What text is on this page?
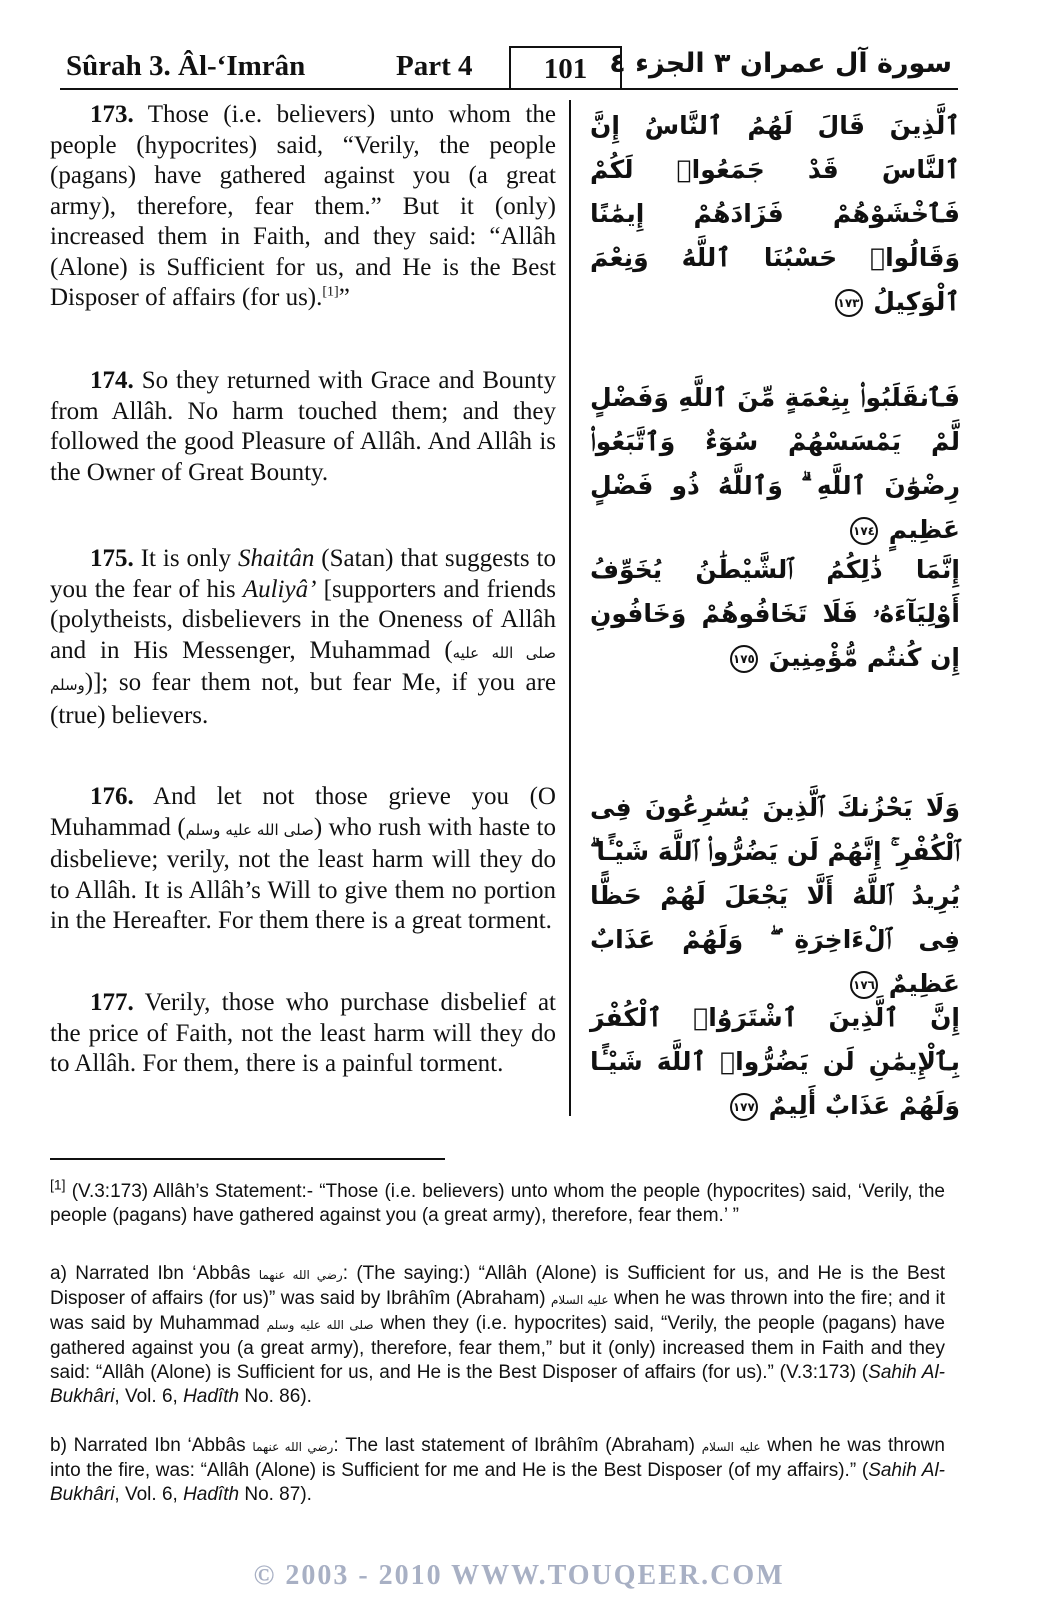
Sûrah 3. Âl-‘Imrân	Part 4	101 سورة آل عمران ٣ الجزء ٤
173. Those (i.e. believers) unto whom the people (hypocrites) said, “Verily, the people (pagans) have gathered against you (a great army), therefore, fear them.” But it (only) increased them in Faith, and they said: “Allâh (Alone) is Sufficient for us, and He is the Best Disposer of affairs (for us).[1]”
174. So they returned with Grace and Bounty from Allâh. No harm touched them; and they followed the good Pleasure of Allâh. And Allâh is the Owner of Great Bounty.
175. It is only Shaitân (Satan) that suggests to you the fear of his Auliyâ’ [supporters and friends (polytheists, disbelievers in the Oneness of Allâh and in His Messenger, Muhammad (صلى الله عليه وسلم)]; so fear them not, but fear Me, if you are (true) believers.
176. And let not those grieve you (O Muhammad (صلى الله عليه وسلم) who rush with haste to disbelieve; verily, not the least harm will they do to Allâh. It is Allâh’s Will to give them no portion in the Hereafter. For them there is a great torment.
177. Verily, those who purchase disbelief at the price of Faith, not the least harm will they do to Allâh. For them, there is a painful torment.
ٱلَّذِينَ قَالَ لَهُمُ ٱلنَّاسُ إِنَّ ٱلنَّاسَ قَدْ جَمَعُوا۟ لَكُمْ فَٱخْشَوْهُمْ فَزَادَهُمْ إِيمَٰنًا وَقَالُوا۟ حَسْبُنَا ٱللَّهُ وَنِعْمَ ٱلْوَكِيلُ ١٧٣
فَٱنقَلَبُوا۟ بِنِعْمَةٍ مِّنَ ٱللَّهِ وَفَضْلٍ لَّمْ يَمْسَسْهُمْ سُوٓءٌ وَٱتَّبَعُوا۟ رِضْوَٰنَ ٱللَّهِ ۗ وَٱللَّهُ ذُو فَضْلٍ عَظِيمٍ ١٧٤
إِنَّمَا ذَٰلِكُمُ ٱلشَّيْطَٰنُ يُخَوِّفُ أَوْلِيَآءَهُۥ فَلَا تَخَافُوهُمْ وَخَافُونِ إِن كُنتُم مُّؤْمِنِينَ ١٧٥
وَلَا يَحْزُنكَ ٱلَّذِينَ يُسَٰرِعُونَ فِى ٱلْكُفْرِ ۚ إِنَّهُمْ لَن يَضُرُّوا۟ ٱللَّهَ شَيْـًٔا ۗ يُرِيدُ ٱللَّهُ أَلَّا يَجْعَلَ لَهُمْ حَظًّا فِى ٱلْءَاخِرَةِ ۖ وَلَهُمْ عَذَابٌ عَظِيمٌ ١٧٦
إِنَّ ٱلَّذِينَ ٱشْتَرَوُا۟ ٱلْكُفْرَ بِٱلْإِيمَٰنِ لَن يَضُرُّوا۟ ٱللَّهَ شَيْـًٔا وَلَهُمْ عَذَابٌ أَلِيمٌ ١٧٧
[1] (V.3:173) Allâh’s Statement:- “Those (i.e. believers) unto whom the people (hypocrites) said, ‘Verily, the people (pagans) have gathered against you (a great army), therefore, fear them.’ ”
a) Narrated Ibn ‘Abbâs رضي الله عنهما: (The saying:) “Allâh (Alone) is Sufficient for us, and He is the Best Disposer of affairs (for us)” was said by Ibrâhîm (Abraham) عليه السلام when he was thrown into the fire; and it was said by Muhammad صلى الله عليه وسلم when they (i.e. hypocrites) said, “Verily, the people (pagans) have gathered against you (a great army), therefore, fear them,” but it (only) increased them in Faith and they said: “Allâh (Alone) is Sufficient for us, and He is the Best Disposer of affairs (for us).” (V.3:173) (Sahih Al-Bukhâri, Vol. 6, Hadîth No. 86).
b) Narrated Ibn ‘Abbâs رضي الله عنهما: The last statement of Ibrâhîm (Abraham) عليه السلام when he was thrown into the fire, was: “Allâh (Alone) is Sufficient for me and He is the Best Disposer (of my affairs).” (Sahih Al-Bukhâri, Vol. 6, Hadîth No. 87).
© 2003 - 2010 WWW.TOUQEER.COM
